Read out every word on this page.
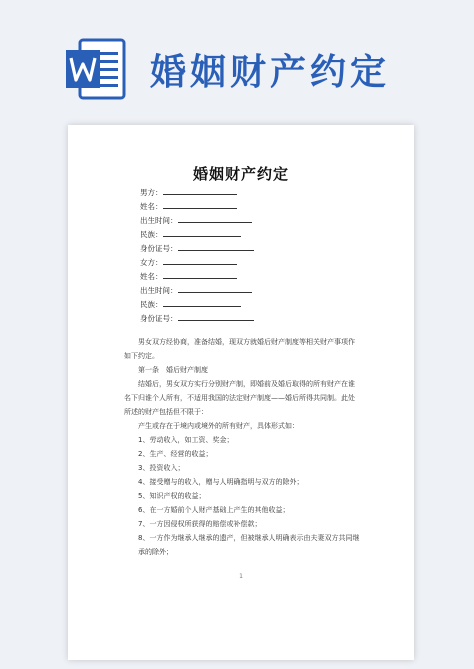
婚姻财产约定
婚姻财产约定
男方：
姓名：
出生时间：
民族：
身份证号：
女方：
姓名：
出生时间：
民族：
身份证号：
男女双方经协商，准备结婚，现双方就婚后财产制度等相关财产事项作如下约定。
第一条　婚后财产制度
结婚后，男女双方实行分别财产制，即婚前及婚后取得的所有财产在谁名下归谁个人所有，不适用我国的法定财产制度——婚后所得共同制。此处所述的财产包括但不限于：
产生或存在于境内或境外的所有财产，具体形式如：
1、劳动收入，如工资、奖金；
2、生产、经营的收益；
3、投资收入；
4、接受赠与的收入，赠与人明确指明与双方的除外；
5、知识产权的收益；
6、在一方婚前个人财产基础上产生的其他收益；
7、一方因侵权所获得的赔偿或补偿款；
8、一方作为继承人继承的遗产，但被继承人明确表示由夫妻双方共同继承的除外；
1
